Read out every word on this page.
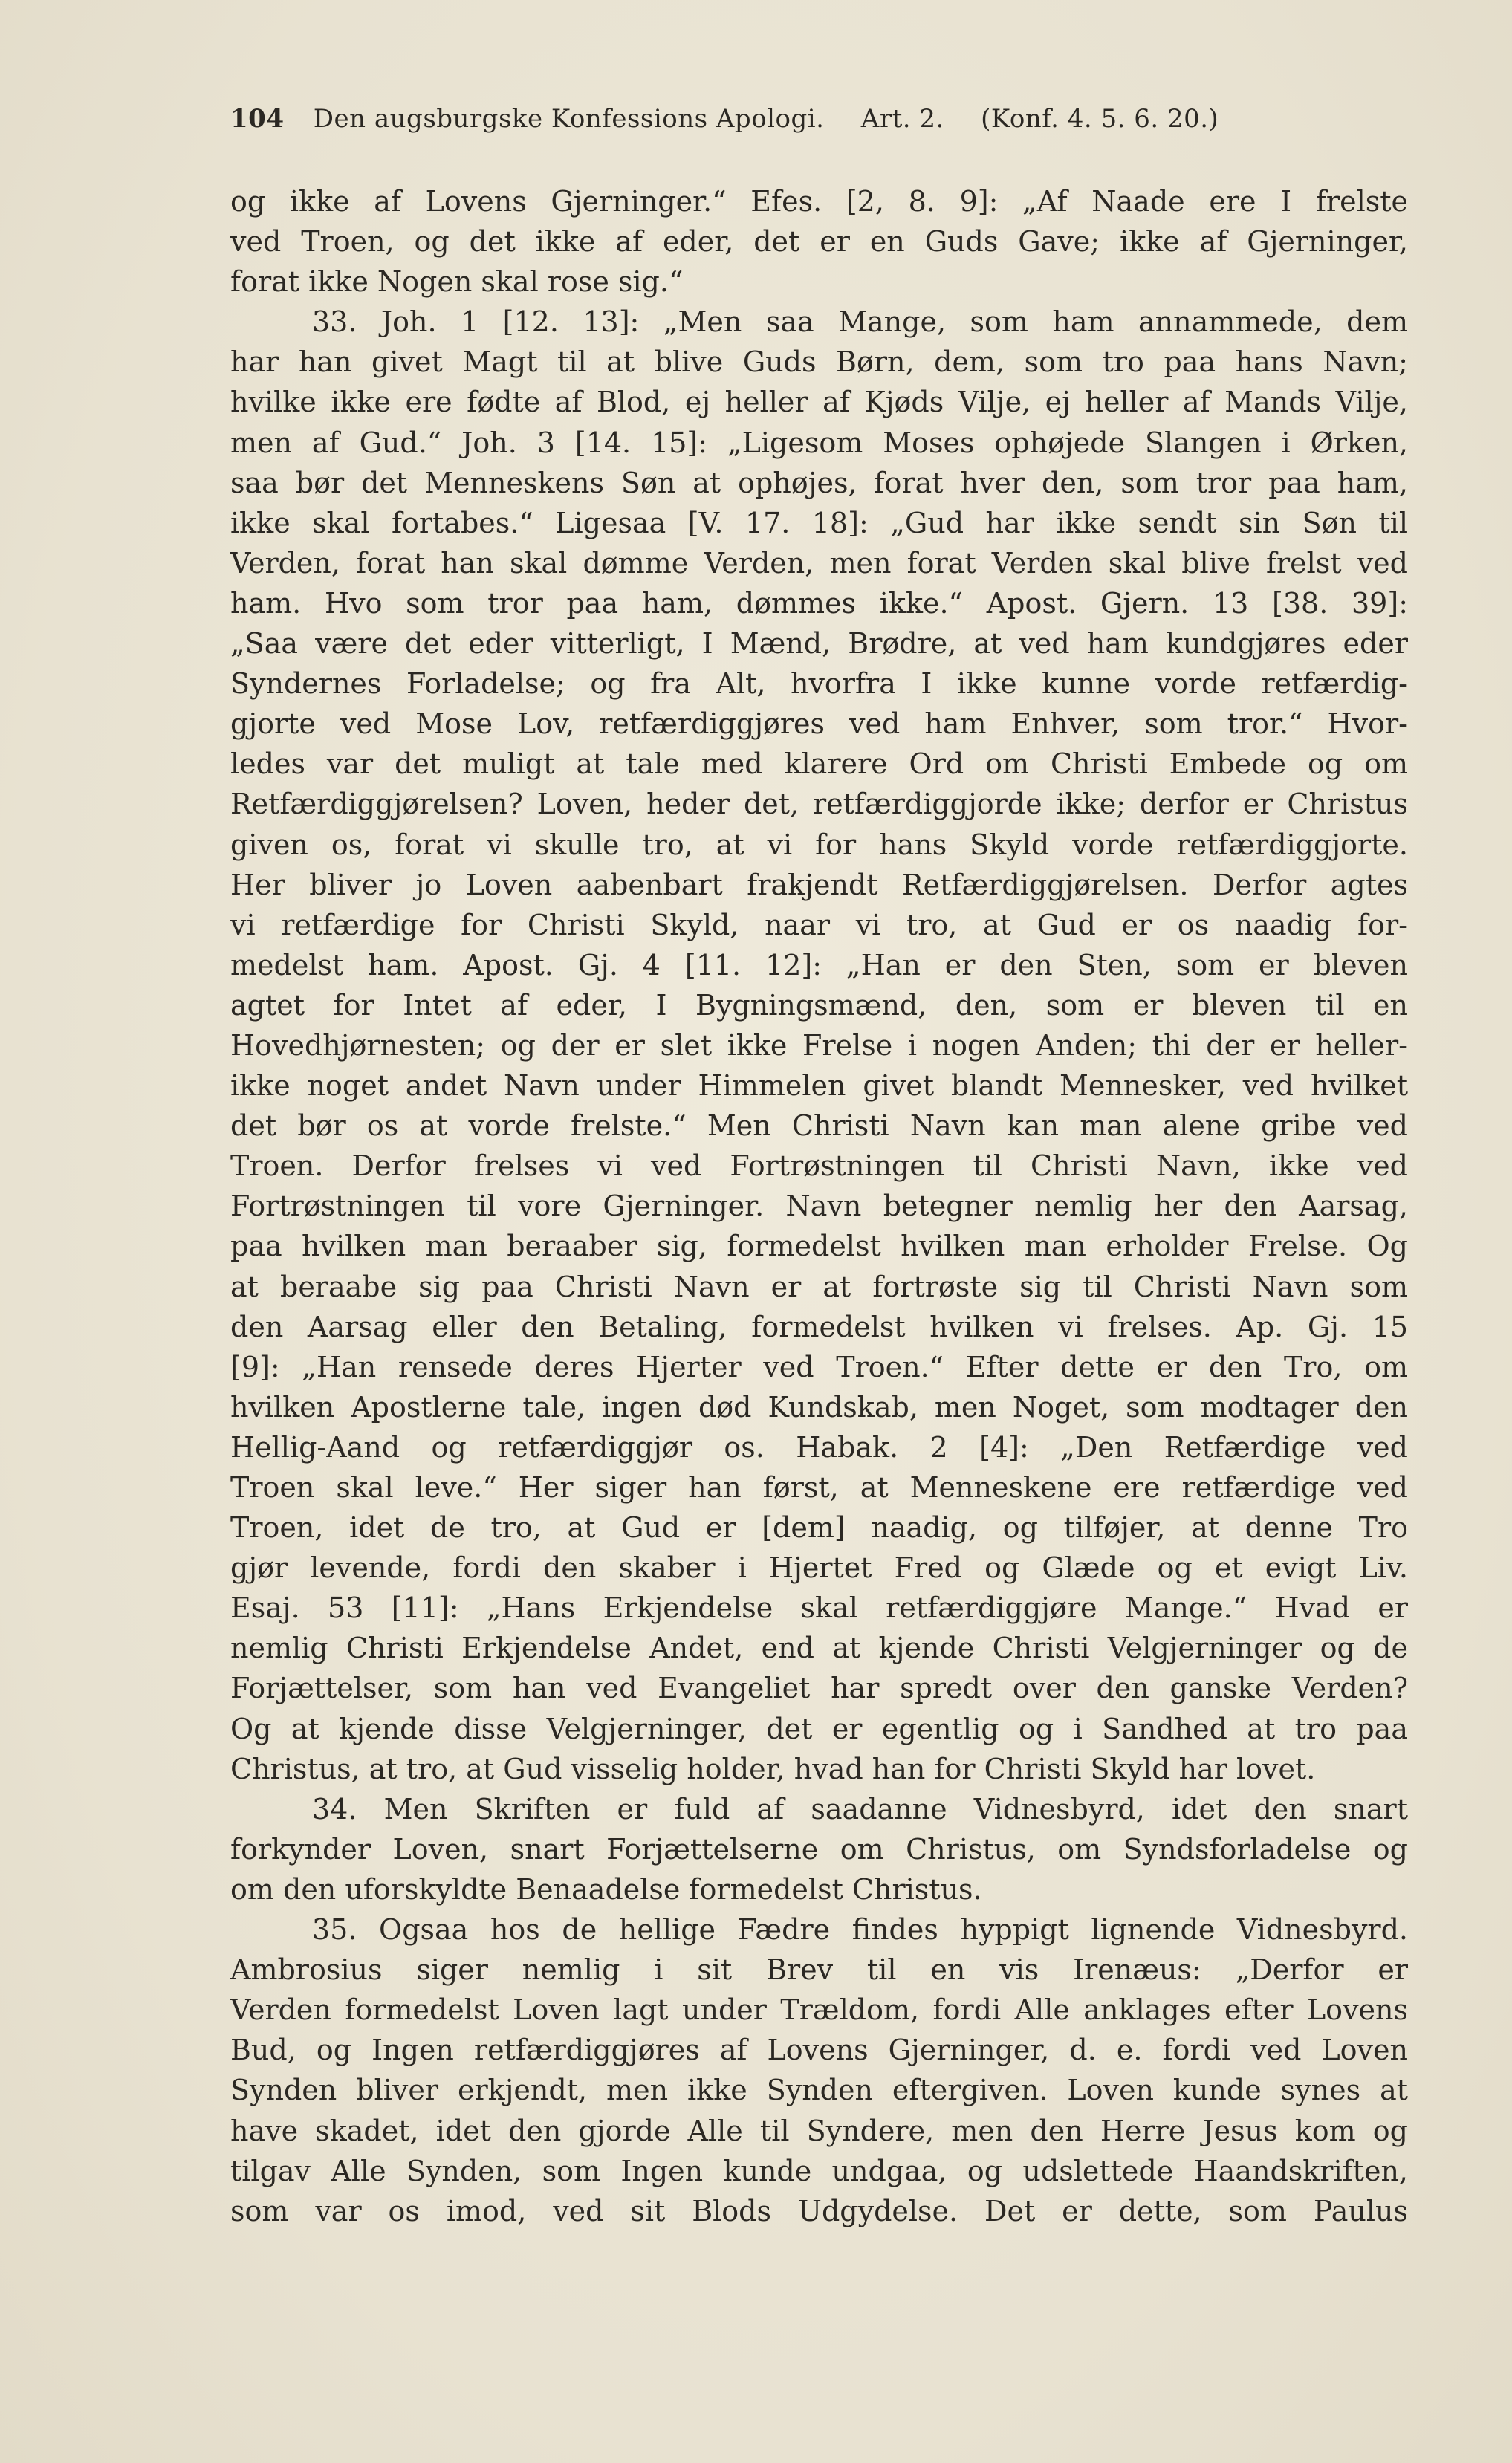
104 Den augsburgske Konfessions Apologi. Art. 2. (Konf. 4. 5. 6. 20.)
og ikke af Lovens Gjerninger.“ Efes. [2, 8. 9]: „Af Naade ere I frelste
ved Troen, og det ikke af eder, det er en Guds Gave; ikke af Gjerninger,
forat ikke Nogen skal rose sig.“
33. Joh. 1 [12. 13]: „Men saa Mange, som ham annammede, dem
har han givet Magt til at blive Guds Børn, dem, som tro paa hans Navn;
hvilke ikke ere fødte af Blod, ej heller af Kjøds Vilje, ej heller af Mands Vilje,
men af Gud.“ Joh. 3 [14. 15]: „Ligesom Moses ophøjede Slangen i Ørken,
saa bør det Menneskens Søn at ophøjes, forat hver den, som tror paa ham,
ikke skal fortabes.“ Ligesaa [V. 17. 18]: „Gud har ikke sendt sin Søn til
Verden, forat han skal dømme Verden, men forat Verden skal blive frelst ved
ham. Hvo som tror paa ham, dømmes ikke.“ Apost. Gjern. 13 [38. 39]:
„Saa være det eder vitterligt, I Mænd, Brødre, at ved ham kundgjøres eder
Syndernes Forladelse; og fra Alt, hvorfra I ikke kunne vorde retfærdig-
gjorte ved Mose Lov, retfærdiggjøres ved ham Enhver, som tror.“ Hvor-
ledes var det muligt at tale med klarere Ord om Christi Embede og om
Retfærdiggjørelsen? Loven, heder det, retfærdiggjorde ikke; derfor er Christus
given os, forat vi skulle tro, at vi for hans Skyld vorde retfærdiggjorte.
Her bliver jo Loven aabenbart frakjendt Retfærdiggjørelsen. Derfor agtes
vi retfærdige for Christi Skyld, naar vi tro, at Gud er os naadig for-
medelst ham. Apost. Gj. 4 [11. 12]: „Han er den Sten, som er bleven
agtet for Intet af eder, I Bygningsmænd, den, som er bleven til en
Hovedhjørnesten; og der er slet ikke Frelse i nogen Anden; thi der er heller-
ikke noget andet Navn under Himmelen givet blandt Mennesker, ved hvilket
det bør os at vorde frelste.“ Men Christi Navn kan man alene gribe ved
Troen. Derfor frelses vi ved Fortrøstningen til Christi Navn, ikke ved
Fortrøstningen til vore Gjerninger. Navn betegner nemlig her den Aarsag,
paa hvilken man beraaber sig, formedelst hvilken man erholder Frelse. Og
at beraabe sig paa Christi Navn er at fortrøste sig til Christi Navn som
den Aarsag eller den Betaling, formedelst hvilken vi frelses. Ap. Gj. 15
[9]: „Han rensede deres Hjerter ved Troen.“ Efter dette er den Tro, om
hvilken Apostlerne tale, ingen død Kundskab, men Noget, som modtager den
Hellig-Aand og retfærdiggjør os. Habak. 2 [4]: „Den Retfærdige ved
Troen skal leve.“ Her siger han først, at Menneskene ere retfærdige ved
Troen, idet de tro, at Gud er [dem] naadig, og tilføjer, at denne Tro
gjør levende, fordi den skaber i Hjertet Fred og Glæde og et evigt Liv.
Esaj. 53 [11]: „Hans Erkjendelse skal retfærdiggjøre Mange.“ Hvad er
nemlig Christi Erkjendelse Andet, end at kjende Christi Velgjerninger og de
Forjættelser, som han ved Evangeliet har spredt over den ganske Verden?
Og at kjende disse Velgjerninger, det er egentlig og i Sandhed at tro paa
Christus, at tro, at Gud visselig holder, hvad han for Christi Skyld har lovet.
34. Men Skriften er fuld af saadanne Vidnesbyrd, idet den snart
forkynder Loven, snart Forjættelserne om Christus, om Syndsforladelse og
om den uforskyldte Benaadelse formedelst Christus.
35. Ogsaa hos de hellige Fædre findes hyppigt lignende Vidnesbyrd.
Ambrosius siger nemlig i sit Brev til en vis Irenæus: „Derfor er
Verden formedelst Loven lagt under Trældom, fordi Alle anklages efter Lovens
Bud, og Ingen retfærdiggjøres af Lovens Gjerninger, d. e. fordi ved Loven
Synden bliver erkjendt, men ikke Synden eftergiven. Loven kunde synes at
have skadet, idet den gjorde Alle til Syndere, men den Herre Jesus kom og
tilgav Alle Synden, som Ingen kunde undgaa, og udslettede Haandskriften,
som var os imod, ved sit Blods Udgydelse. Det er dette, som Paulus
